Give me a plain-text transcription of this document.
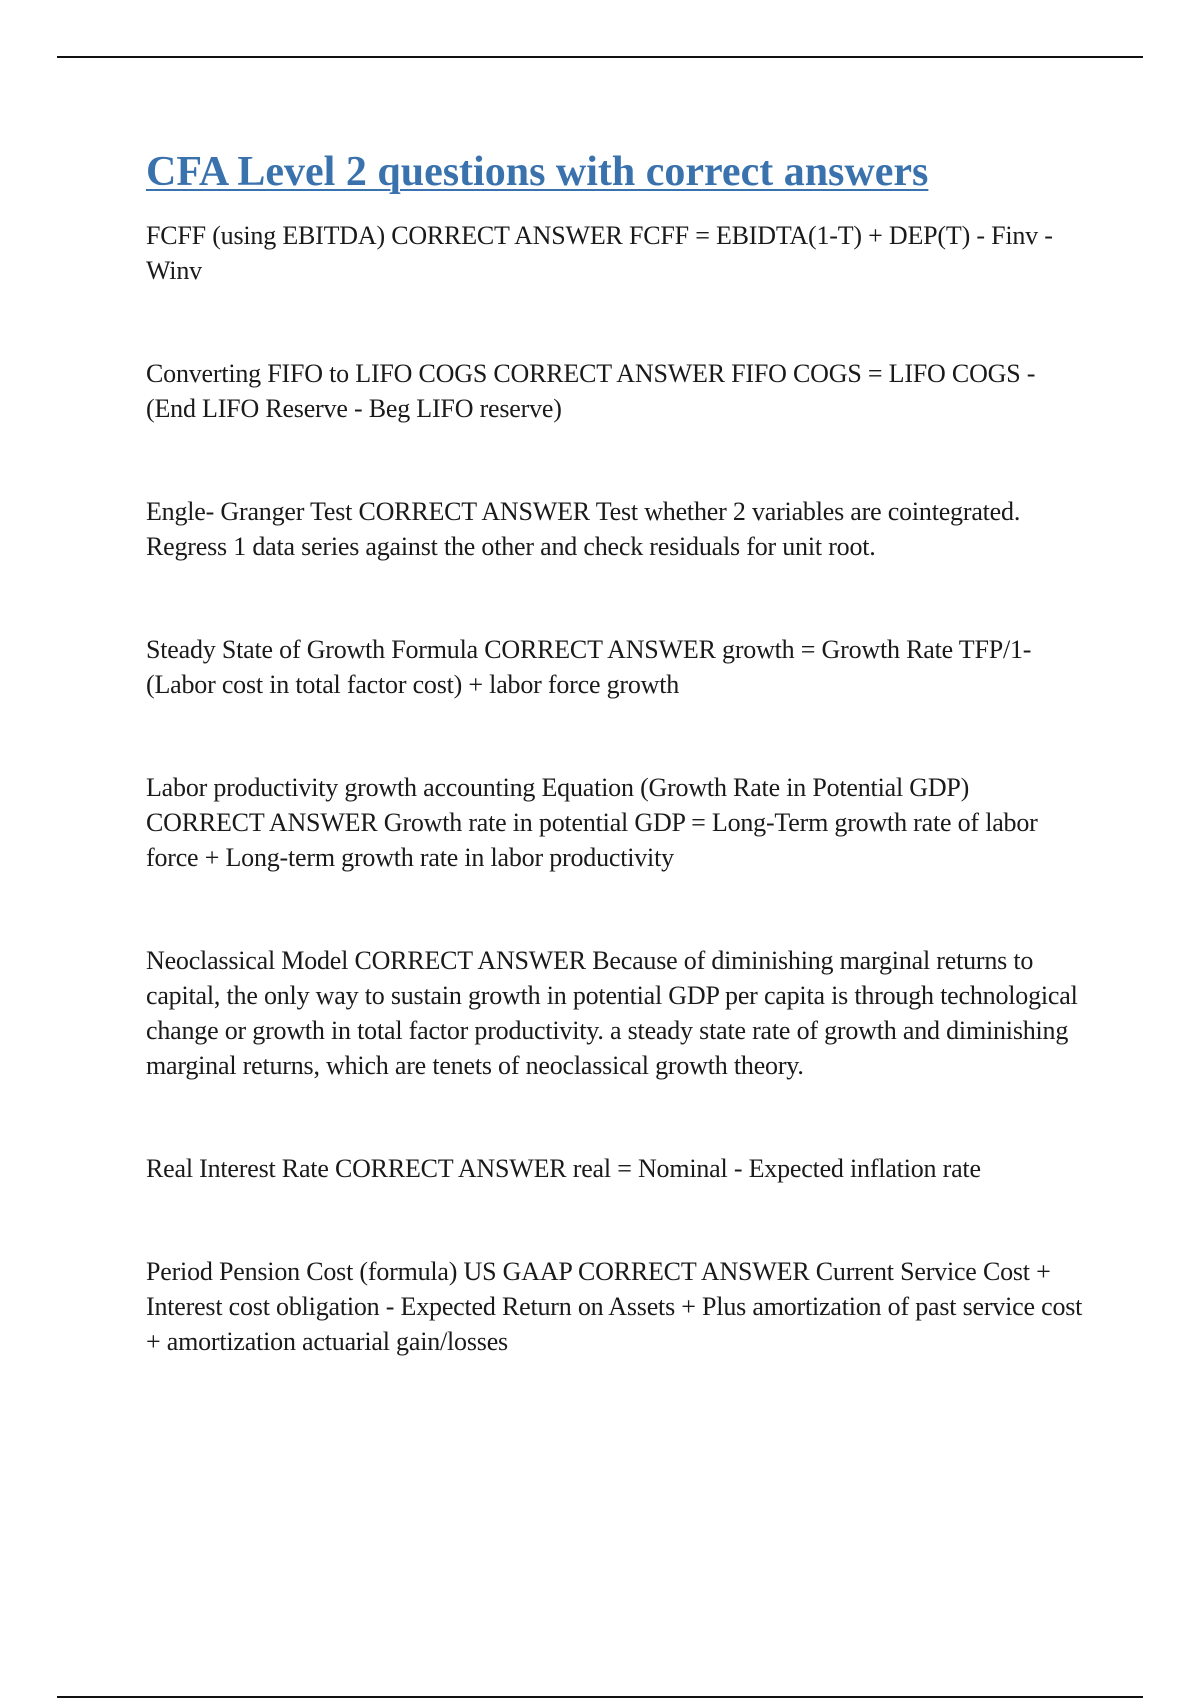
CFA Level 2 questions with correct answers

FCFF (using EBITDA) CORRECT ANSWER FCFF = EBIDTA(1-T) + DEP(T) - Finv - Winv

Converting FIFO to LIFO COGS CORRECT ANSWER FIFO COGS = LIFO COGS - (End LIFO Reserve - Beg LIFO reserve)

Engle- Granger Test CORRECT ANSWER Test whether 2 variables are cointegrated. Regress 1 data series against the other and check residuals for unit root.

Steady State of Growth Formula CORRECT ANSWER growth = Growth Rate TFP/1-(Labor cost in total factor cost) + labor force growth

Labor productivity growth accounting Equation (Growth Rate in Potential GDP) CORRECT ANSWER Growth rate in potential GDP = Long-Term growth rate of labor force + Long-term growth rate in labor productivity

Neoclassical Model CORRECT ANSWER Because of diminishing marginal returns to capital, the only way to sustain growth in potential GDP per capita is through technological change or growth in total factor productivity. a steady state rate of growth and diminishing marginal returns, which are tenets of neoclassical growth theory.

Real Interest Rate CORRECT ANSWER real = Nominal - Expected inflation rate

Period Pension Cost (formula) US GAAP CORRECT ANSWER Current Service Cost + Interest cost obligation - Expected Return on Assets + Plus amortization of past service cost + amortization actuarial gain/losses
